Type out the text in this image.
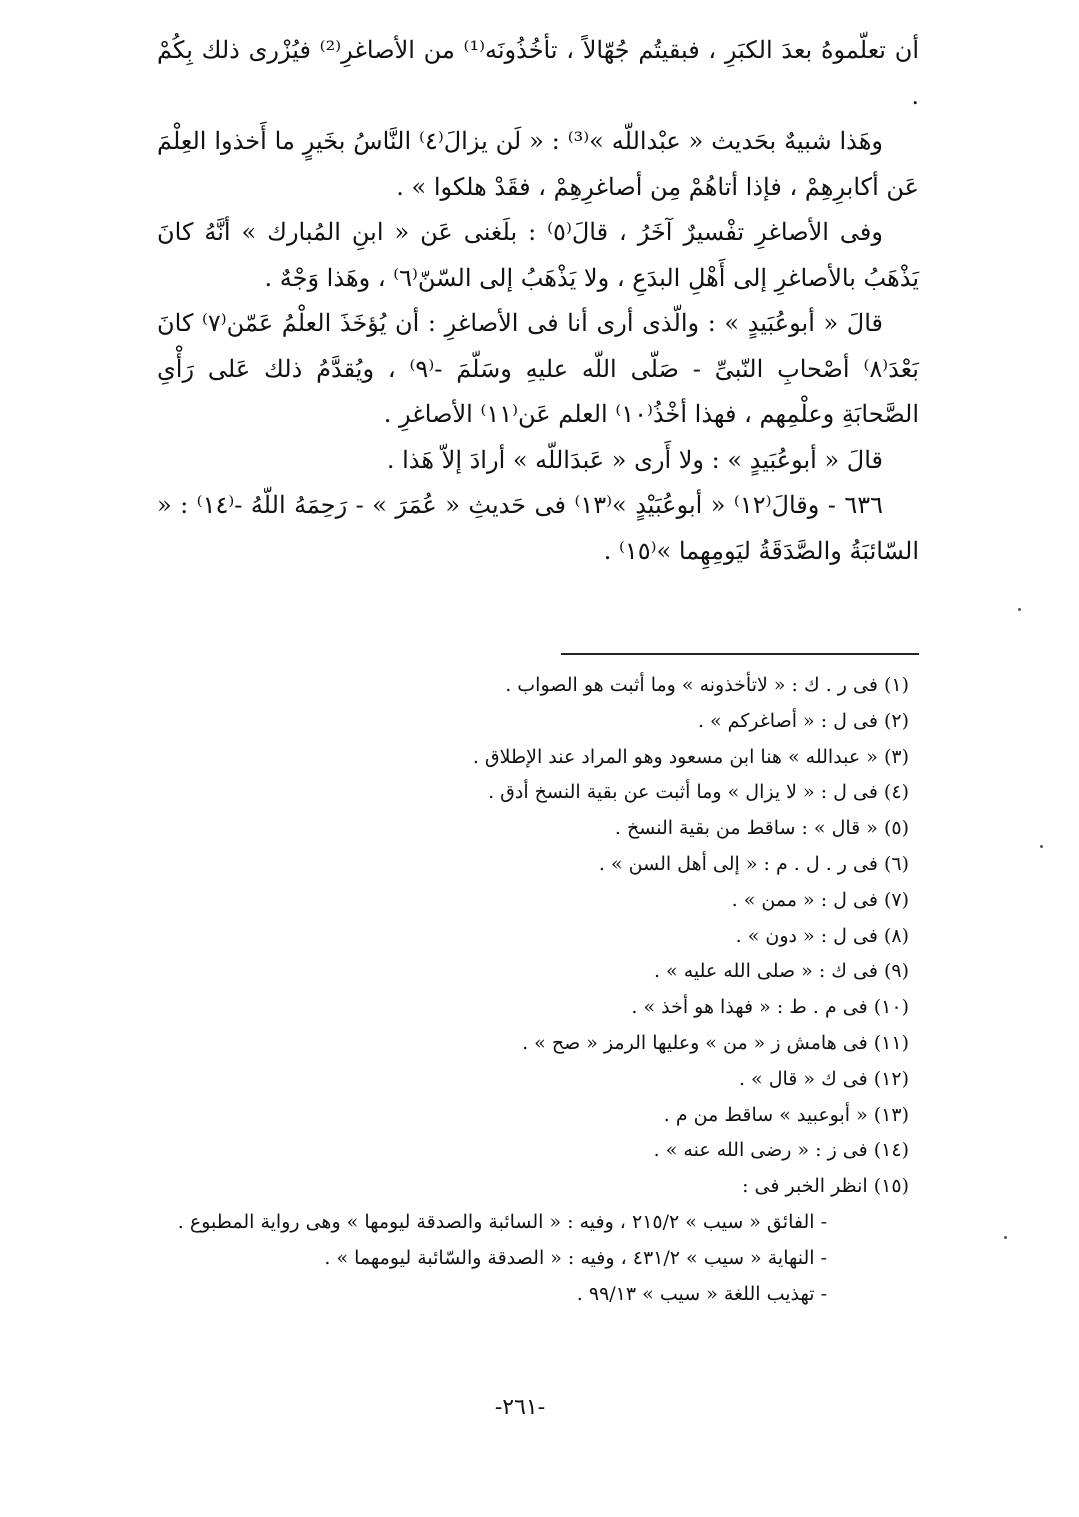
أن تعلّموهُ بعدَ الكبَرِ ، فبقيتُم جُهّالاً ، تأخُذُونَه⁽¹⁾ من الأصاغرِ⁽²⁾ فيُزْرى ذلك بِكُمْ .

وهَذا شبيهٌ بحَديث « عبْداللّه »⁽³⁾ : « لَن يزالَ⁽٤⁾ النَّاسُ بخَيرٍ ما أَخذوا العِلْمَ عَن أكابرِهِمْ ، فإذا أتاهُمْ مِن أصاغرِهِمْ ، فقَدْ هلكوا » .

وفى الأصاغرِ تفْسيرٌ آخَرُ ، قالَ⁽٥⁾ : بلَغنى عَن « ابنِ المُبارك » أنَّهُ كانَ يَذْهَبُ بالأصاغرِ إلى أَهْلِ البدَعِ ، ولا يَذْهَبُ إلى السّنّ⁽٦⁾ ، وهَذا وَجْهٌ .

قالَ « أبوعُبَيدٍ » : والّذى أرى أنا فى الأصاغرِ : أن يُؤخَذَ العلْمُ عَمّن⁽٧⁾ كانَ بَعْدَ⁽٨⁾ أصْحابِ النّبىِّ - صَلّى اللّه عليهِ وسَلّمَ -⁽٩⁾ ، ويُقدَّمُ ذلك عَلى رَأْىِ الصَّحابَةِ وعلْمِهم ، فهذا أخْذُ⁽١٠⁾ العلم عَن⁽١١⁾ الأصاغرِ .

قالَ « أبوعُبَيدٍ » : ولا أَرى « عَبدَاللّه » أرادَ إلاّ هَذا .

٦٣٦ - وقالَ⁽١٢⁾ « أبوعُبَيْدٍ »⁽١٣⁾ فى حَديثِ « عُمَرَ » - رَحِمَهُ اللّهُ -⁽١٤⁾ : « السّائبَةُ والصَّدَقَةُ ليَومِهِما »⁽١٥⁾ .

(١) فى ر . ك : « لاتأخذونه » وما أثبت هو الصواب .

(٢) فى ل : « أصاغركم » .

(٣) « عبدالله » هنا ابن مسعود وهو المراد عند الإطلاق .

(٤) فى ل : « لا يزال » وما أثبت عن بقية النسخ أدق .

(٥) « قال » : ساقط من بقية النسخ .

(٦) فى ر . ل . م : « إلى أهل السن » .

(٧) فى ل : « ممن » .

(٨) فى ل : « دون » .

(٩) فى ك : « صلى الله عليه » .

(١٠) فى م . ط : « فهذا هو أخذ » .

(١١) فى هامش ز « من » وعليها الرمز « صح » .

(١٢) فى ك « قال » .

(١٣) « أبوعبيد » ساقط من م .

(١٤) فى ز : « رضى الله عنه » .

(١٥) انظر الخبر فى :

- الفائق « سيب » ٢١٥/٢ ، وفيه : « السائبة والصدقة ليومها » وهى رواية المطبوع .

- النهاية « سيب » ٤٣١/٢ ، وفيه : « الصدقة والسّائبة ليومهما » .

- تهذيب اللغة « سيب » ٩٩/١٣ .

-٢٦١-
